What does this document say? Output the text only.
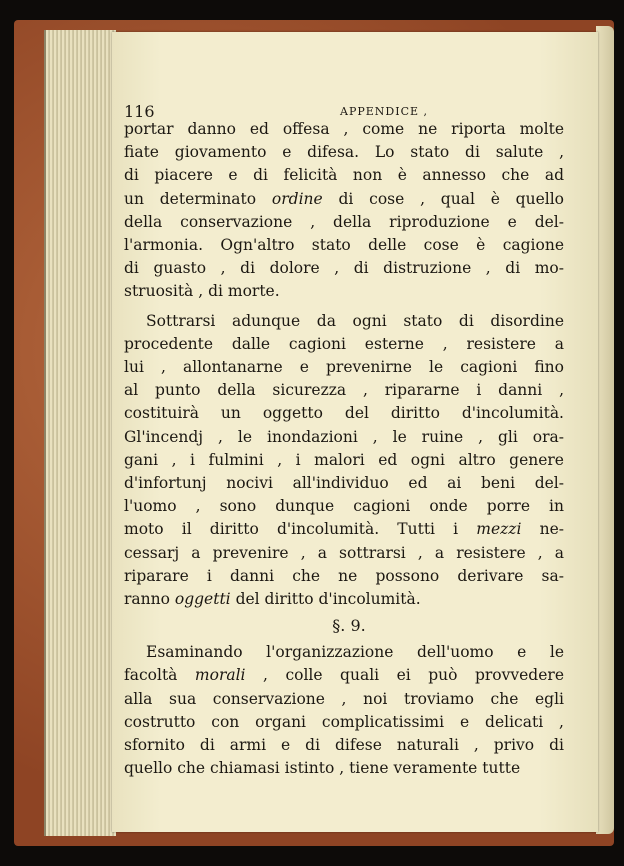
116	APPENDICE ,
portar danno ed offesa , come ne riporta molte
fiate giovamento e difesa. Lo stato di salute ,
di piacere e di felicità non è annesso che ad
un determinato ordine di cose , qual è quello
della conservazione , della riproduzione e del-
l'armonia. Ogn'altro stato delle cose è cagione
di guasto , di dolore , di distruzione , di mo-
struosità , di morte.
Sottrarsi adunque da ogni stato di disordine
procedente dalle cagioni esterne , resistere a
lui , allontanarne e prevenirne le cagioni fino
al punto della sicurezza , ripararne i danni ,
costituirà un oggetto del diritto d'incolumità.
Gl'incendj , le inondazioni , le ruine , gli ora-
gani , i fulmini , i malori ed ogni altro genere
d'infortunj nocivi all'individuo ed ai beni del-
l'uomo , sono dunque cagioni onde porre in
moto il diritto d'incolumità. Tutti i mezzi ne-
cessarj a prevenire , a sottrarsi , a resistere , a
riparare i danni che ne possono derivare sa-
ranno oggetti del diritto d'incolumità.
§. 9.
Esaminando l'organizzazione dell'uomo e le
facoltà morali , colle quali ei può provvedere
alla sua conservazione , noi troviamo che egli
costrutto con organi complicatissimi e delicati ,
sfornito di armi e di difese naturali , privo di
quello che chiamasi istinto , tiene veramente tutte
